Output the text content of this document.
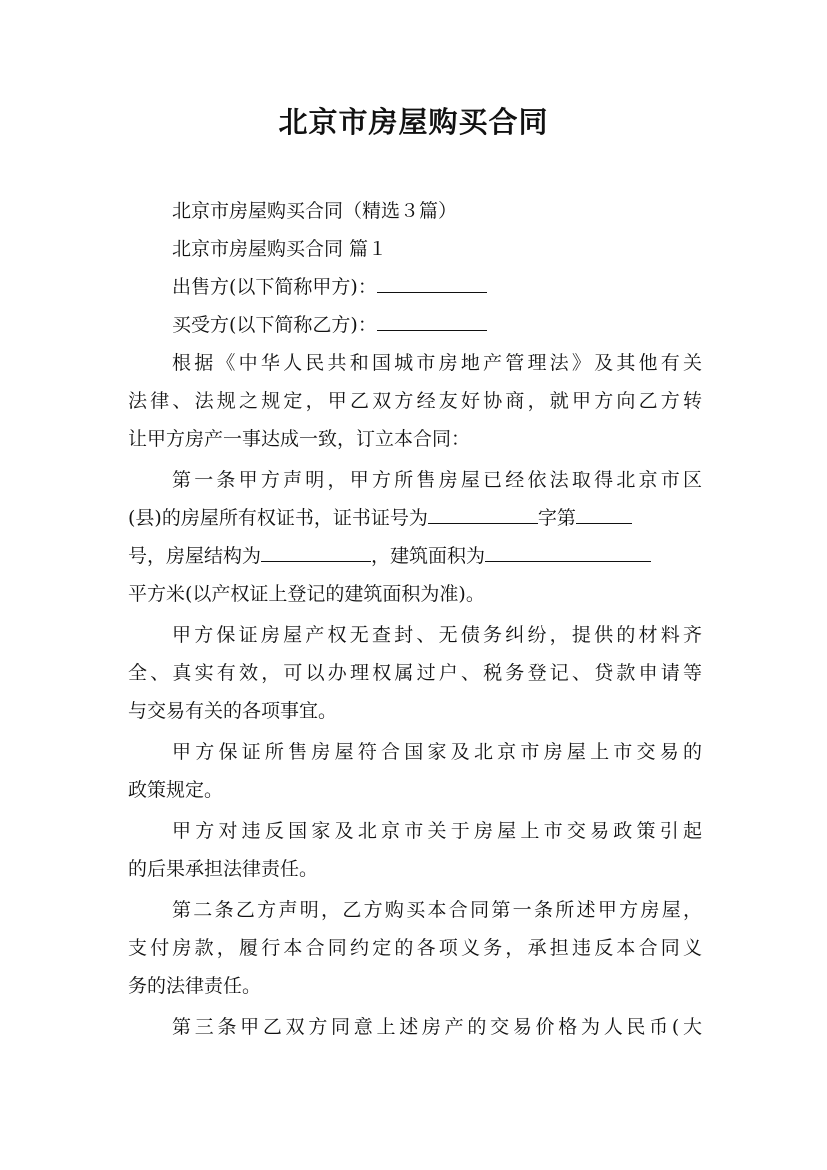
北京市房屋购买合同

北京市房屋购买合同（精选３篇）

北京市房屋购买合同 篇１

出售方(以下简称甲方)：

买受方(以下简称乙方)：

根据《中华人民共和国城市房地产管理法》及其他有关

法律、法规之规定，甲乙双方经友好协商，就甲方向乙方转

让甲方房产一事达成一致，订立本合同：

第一条甲方声明，甲方所售房屋已经依法取得北京市区

(县)的房屋所有权证书，证书证号为	字第

号，房屋结构为	，建筑面积为

平方米(以产权证上登记的建筑面积为准)。

甲方保证房屋产权无查封、无债务纠纷，提供的材料齐

全、真实有效，可以办理权属过户、税务登记、贷款申请等

与交易有关的各项事宜。

甲方保证所售房屋符合国家及北京市房屋上市交易的

政策规定。

甲方对违反国家及北京市关于房屋上市交易政策引起

的后果承担法律责任。

第二条乙方声明，乙方购买本合同第一条所述甲方房屋，

支付房款，履行本合同约定的各项义务，承担违反本合同义

务的法律责任。

第三条甲乙双方同意上述房产的交易价格为人民币(大
